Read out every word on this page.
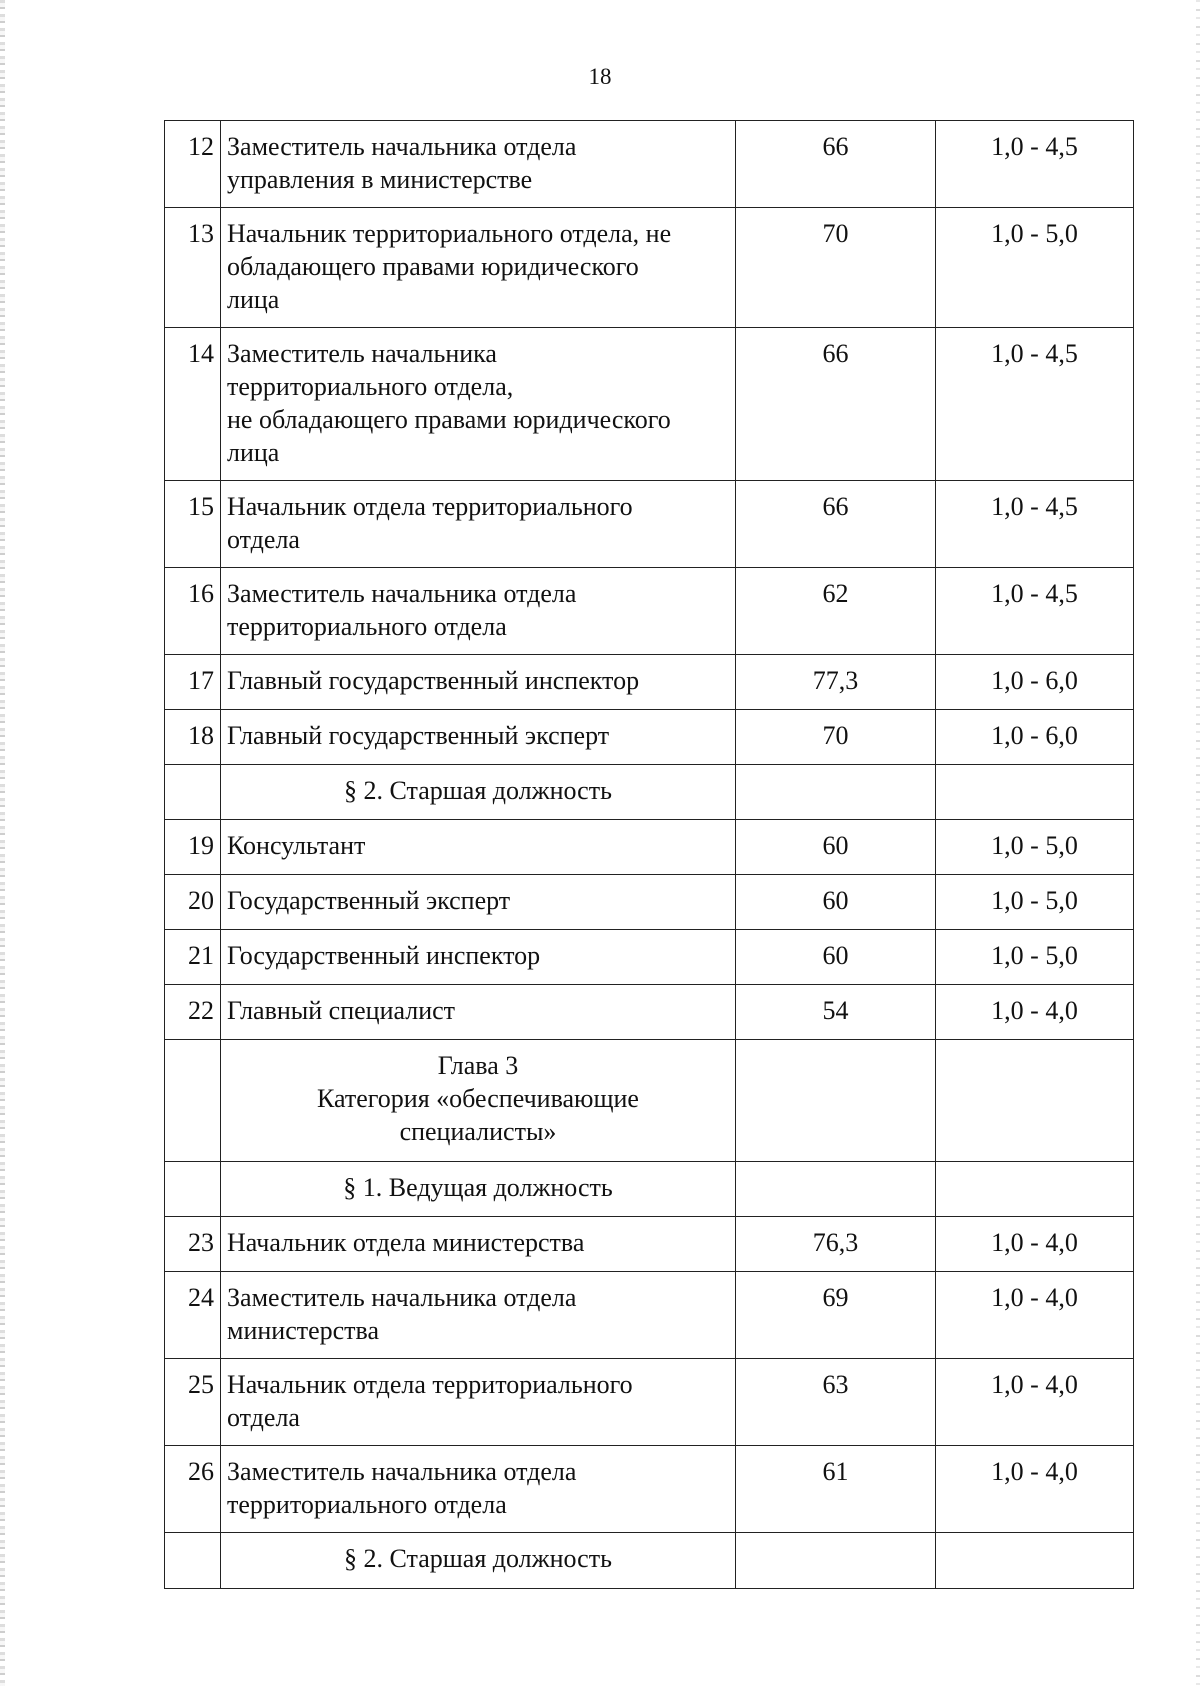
18
12	Заместитель начальника отдела
управления в министерстве	66	1,0 - 4,5
13	Начальник территориального отдела, не
обладающего правами юридического
лица	70	1,0 - 5,0
14	Заместитель начальника
территориального отдела,
не обладающего правами юридического
лица	66	1,0 - 4,5
15	Начальник отдела территориального
отдела	66	1,0 - 4,5
16	Заместитель начальника отдела
территориального отдела	62	1,0 - 4,5
17	Главный государственный инспектор	77,3	1,0 - 6,0
18	Главный государственный эксперт	70	1,0 - 6,0

	§ 2. Старшая должность		

19	Консультант	60	1,0 - 5,0
20	Государственный эксперт	60	1,0 - 5,0
21	Государственный инспектор	60	1,0 - 5,0
22	Главный специалист	54	1,0 - 4,0

	Глава 3
Категория «обеспечивающие
специалисты»		

	§ 1. Ведущая должность		

23	Начальник отдела министерства	76,3	1,0 - 4,0
24	Заместитель начальника отдела
министерства	69	1,0 - 4,0
25	Начальник отдела территориального
отдела	63	1,0 - 4,0
26	Заместитель начальника отдела
территориального отдела	61	1,0 - 4,0

	§ 2. Старшая должность		
